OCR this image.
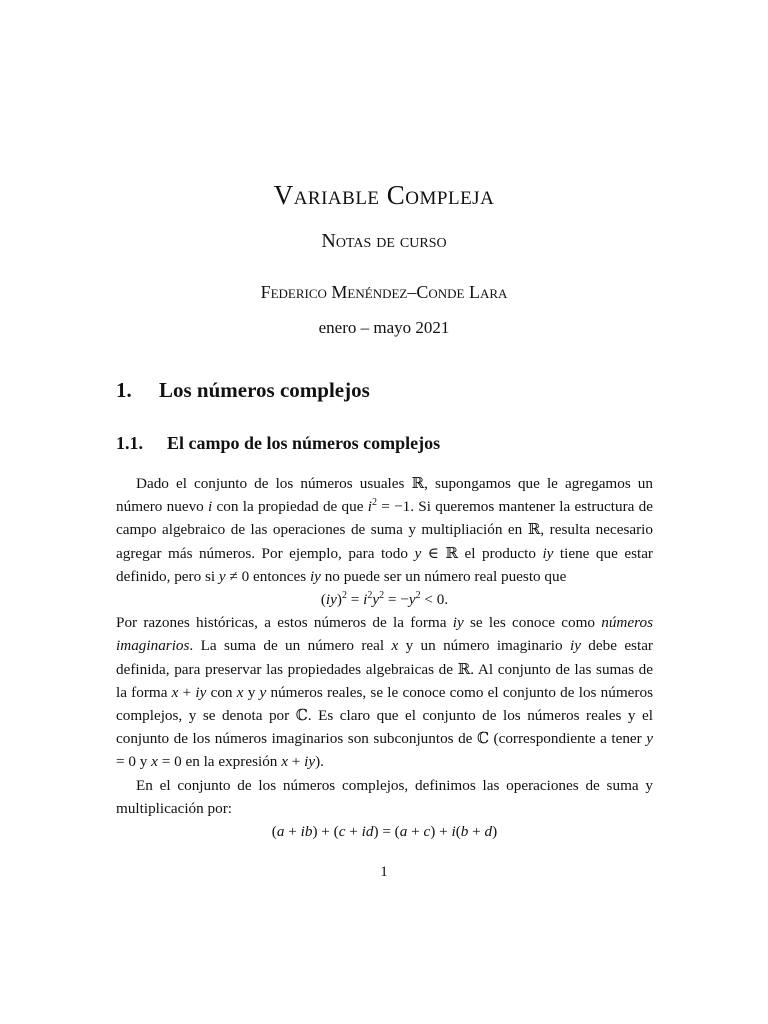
Variable Compleja
Notas de curso
Federico Menéndez–Conde Lara
enero – mayo 2021
1. Los números complejos
1.1. El campo de los números complejos

Dado el conjunto de los números usuales ℝ, supongamos que le agregamos un número nuevo i con la propiedad de que $i^2 = -1$. Si queremos mantener la estructura de campo algebraico de las operaciones de suma y multipliación en ℝ, resulta necesario agregar más números. Por ejemplo, para todo y ∈ ℝ el producto iy tiene que estar definido, pero si y ≠ 0 entonces iy no puede ser un número real puesto que

$(iy)^2 = i^2y^2 = -y^2 < 0$.

Por razones históricas, a estos números de la forma iy se les conoce como números imaginarios. La suma de un número real x y un número imaginario iy debe estar definida, para preservar las propiedades algebraicas de ℝ. Al conjunto de las sumas de la forma x + iy con x y y números reales, se le conoce como el conjunto de los números complejos, y se denota por ℂ. Es claro que el conjunto de los números reales y el conjunto de los números imaginarios son subconjuntos de ℂ (correspondiente a tener y = 0 y x = 0 en la expresión x + iy).

En el conjunto de los números complejos, definimos las operaciones de suma y multiplicación por:

(a + ib) + (c + id) = (a + c) + i(b + d)

1
